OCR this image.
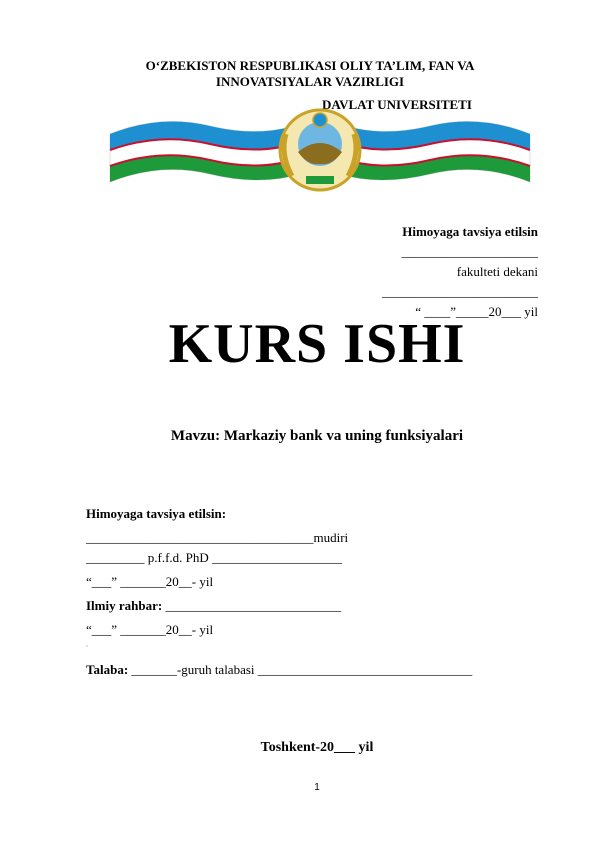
O‘ZBEKISTON RESPUBLIKASI OLIY TA’LIM, FAN VA INNOVATSIYALAR VAZIRLIGI
DAVLAT UNIVERSITETI
Himoyaga tavsiya etilsin
_____________________
fakulteti dekani
________________________
“ ____”_____20___ yil
KURS ISHI
Mavzu: Markaziy bank va uning funksiyalari
Himoyaga tavsiya etilsin:
___________________________________mudiri
_________ p.f.f.d. PhD ____________________
“___” _______20__- yil
Ilmiy rahbar: ___________________________
“___” _______20__- yil
`
Talaba: _______-guruh talabasi _________________________________
Toshkent-20___ yil
1
